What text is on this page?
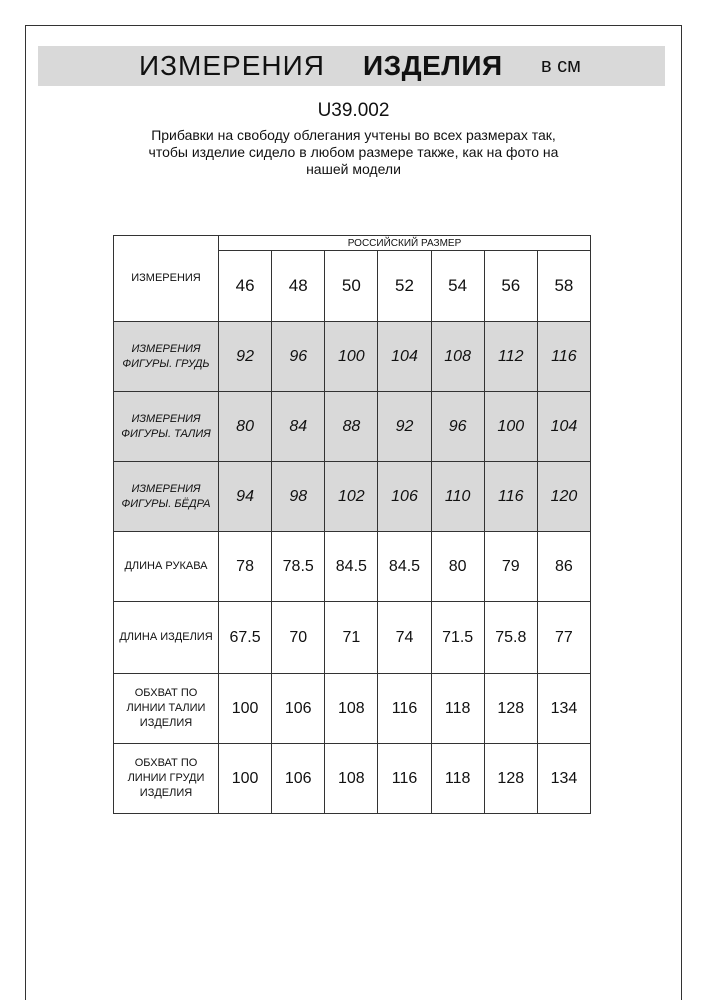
ИЗМЕРЕНИЯ ИЗДЕЛИЯ в см
U39.002
Прибавки на свободу облегания учтены во всех размерах так,
чтобы изделие сидело в любом размере также, как на фото на
нашей модели
ИЗМЕРЕНИЯ	РОССИЙСКИЙ РАЗМЕР						
	46	48	50	52	54	56	58
ИЗМЕРЕНИЯ
ФИГУРЫ. ГРУДЬ	92	96	100	104	108	112	116
ИЗМЕРЕНИЯ
ФИГУРЫ. ТАЛИЯ	80	84	88	92	96	100	104
ИЗМЕРЕНИЯ
ФИГУРЫ. БЁДРА	94	98	102	106	110	116	120
ДЛИНА РУКАВА	78	78.5	84.5	84.5	80	79	86
ДЛИНА ИЗДЕЛИЯ	67.5	70	71	74	71.5	75.8	77
ОБХВАТ ПО
ЛИНИИ ТАЛИИ
ИЗДЕЛИЯ	100	106	108	116	118	128	134
ОБХВАТ ПО
ЛИНИИ ГРУДИ
ИЗДЕЛИЯ	100	106	108	116	118	128	134
